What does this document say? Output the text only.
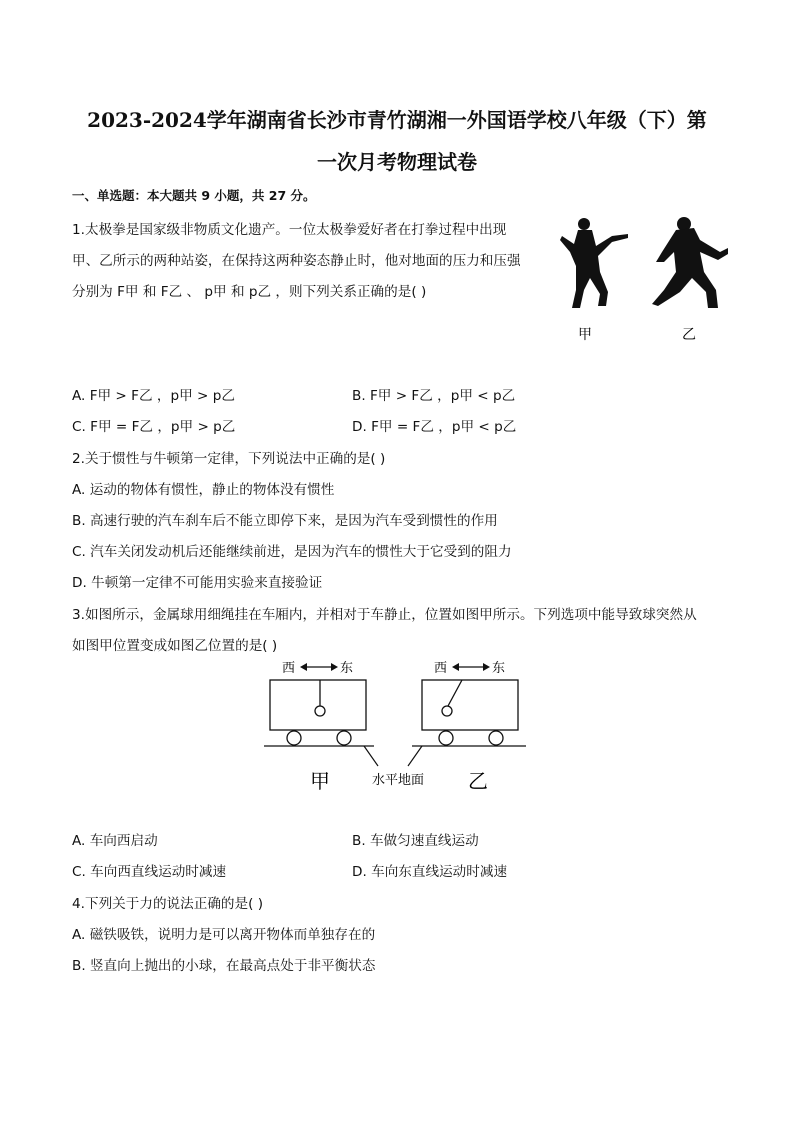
2023-2024学年湖南省长沙市青竹湖湘一外国语学校八年级（下）第
一次月考物理试卷
一、单选题：本大题共 9 小题，共 27 分。
1.太极拳是国家级非物质文化遗产。一位太极拳爱好者在打拳过程中出现
甲、乙所示的两种站姿，在保持这两种姿态静止时，他对地面的压力和压强
分别为 F甲 和 F乙 、 p甲 和 p乙 ，则下列关系正确的是( )
甲	乙
A. F甲 > F乙 ，p甲 > p乙	B. F甲 > F乙 ，p甲 < p乙
C. F甲 = F乙 ，p甲 > p乙	D. F甲 = F乙 ，p甲 < p乙
2.关于惯性与牛顿第一定律，下列说法中正确的是( )
A. 运动的物体有惯性，静止的物体没有惯性
B. 高速行驶的汽车刹车后不能立即停下来，是因为汽车受到惯性的作用
C. 汽车关闭发动机后还能继续前进，是因为汽车的惯性大于它受到的阻力
D. 牛顿第一定律不可能用实验来直接验证
3.如图所示，金属球用细绳挂在车厢内，并相对于车静止，位置如图甲所示。下列选项中能导致球突然从
如图甲位置变成如图乙位置的是( )
西	东	西	东
甲	水平地面 乙
A. 车向西启动	B. 车做匀速直线运动
C. 车向西直线运动时减速	D. 车向东直线运动时减速
4.下列关于力的说法正确的是( )
A. 磁铁吸铁，说明力是可以离开物体而单独存在的
B. 竖直向上抛出的小球，在最高点处于非平衡状态
